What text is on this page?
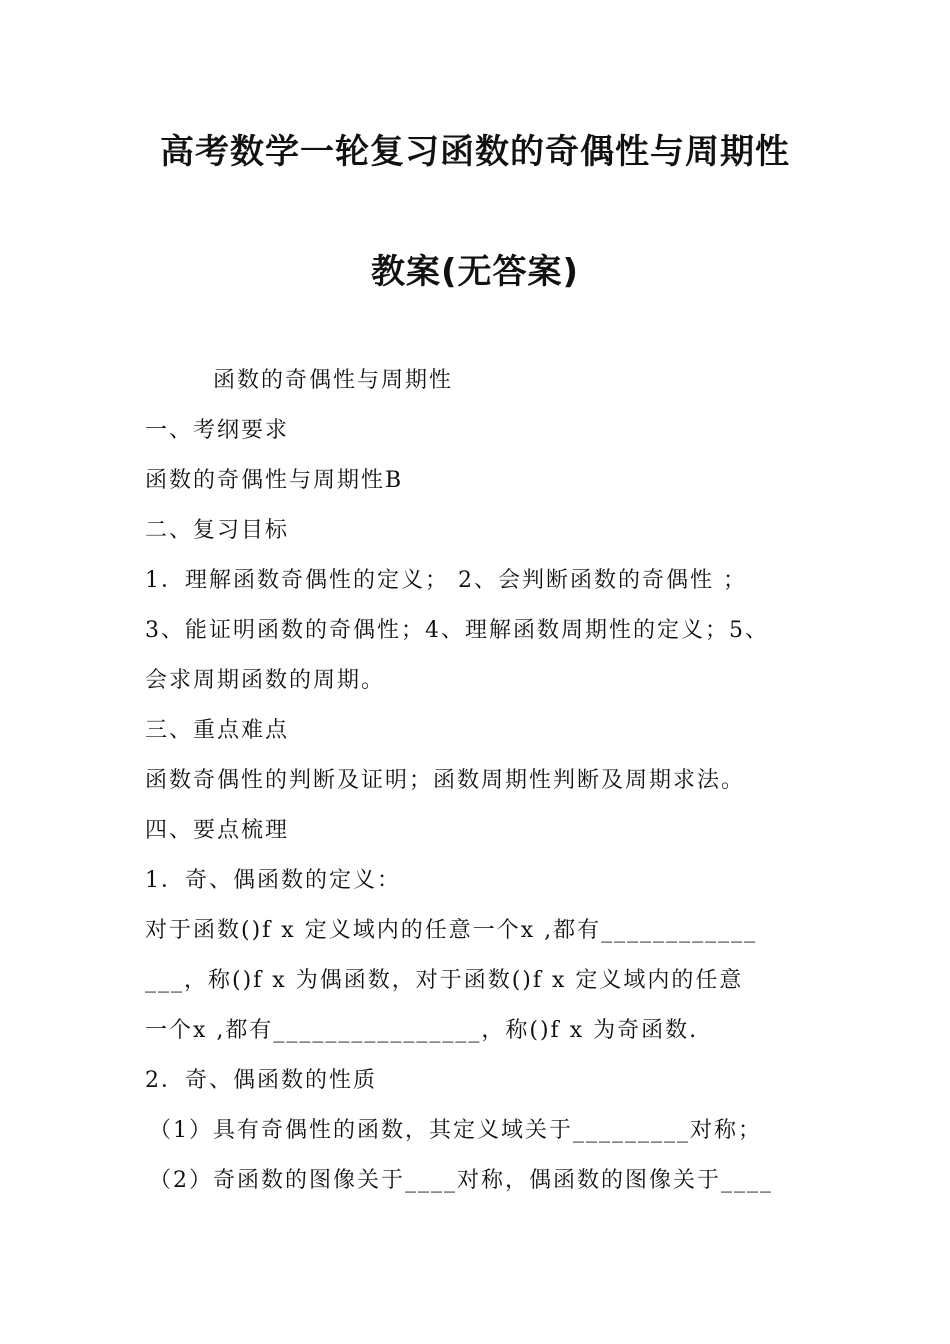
高考数学一轮复习函数的奇偶性与周期性
教案(无答案)
函数的奇偶性与周期性
一、考纲要求
函数的奇偶性与周期性B
二、复习目标
1．理解函数奇偶性的定义； 2、会判断函数的奇偶性 ；
3、能证明函数的奇偶性；4、理解函数周期性的定义；5、
会求周期函数的周期。
三、重点难点
函数奇偶性的判断及证明；函数周期性判断及周期求法。
四、要点梳理
1．奇、偶函数的定义：
对于函数()f x 定义域内的任意一个x ,都有____________
___，称()f x 为偶函数，对于函数()f x 定义域内的任意
一个x ,都有________________，称()f x 为奇函数.
2．奇、偶函数的性质
（1）具有奇偶性的函数，其定义域关于_________对称；
（2）奇函数的图像关于____对称，偶函数的图像关于____
